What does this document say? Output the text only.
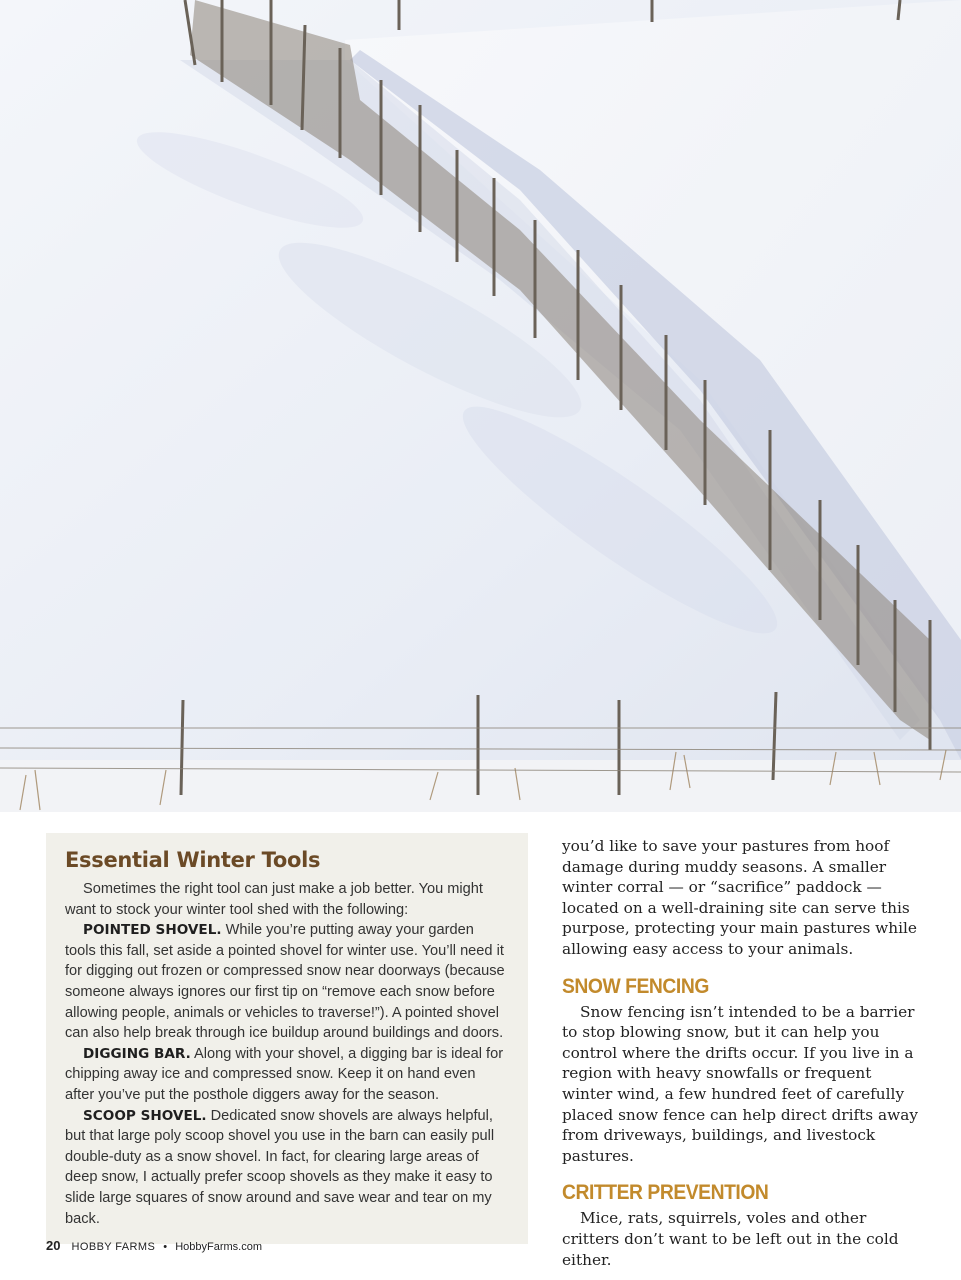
Essential Winter Tools

Sometimes the right tool can just make a job better. You might want to stock your winter tool shed with the following:

POINTED SHOVEL. While you’re putting away your garden tools this fall, set aside a pointed shovel for winter use. You’ll need it for digging out frozen or compressed snow near doorways (because someone always ignores our first tip on “remove each snow before allowing people, animals or vehicles to traverse!”). A pointed shovel can also help break through ice buildup around buildings and doors.

DIGGING BAR. Along with your shovel, a digging bar is ideal for chipping away ice and compressed snow. Keep it on hand even after you’ve put the posthole diggers away for the season.

SCOOP SHOVEL. Dedicated snow shovels are always helpful, but that large poly scoop shovel you use in the barn can easily pull double-duty as a snow shovel. In fact, for clearing large areas of deep snow, I actually prefer scoop shovels as they make it easy to slide large squares of snow around and save wear and tear on my back.

you’d like to save your pastures from hoof damage during muddy seasons. A smaller winter corral — or “sacrifice” paddock — located on a well-draining site can serve this purpose, protecting your main pastures while allowing easy access to your animals.

SNOW FENCING

Snow fencing isn’t intended to be a barrier to stop blowing snow, but it can help you control where the drifts occur. If you live in a region with heavy snowfalls or frequent winter wind, a few hundred feet of carefully placed snow fence can help direct drifts away from driveways, buildings, and livestock pastures.

CRITTER PREVENTION

Mice, rats, squirrels, voles and other critters don’t want to be left out in the cold either.

20 HOBBY FARMS • HobbyFarms.com
